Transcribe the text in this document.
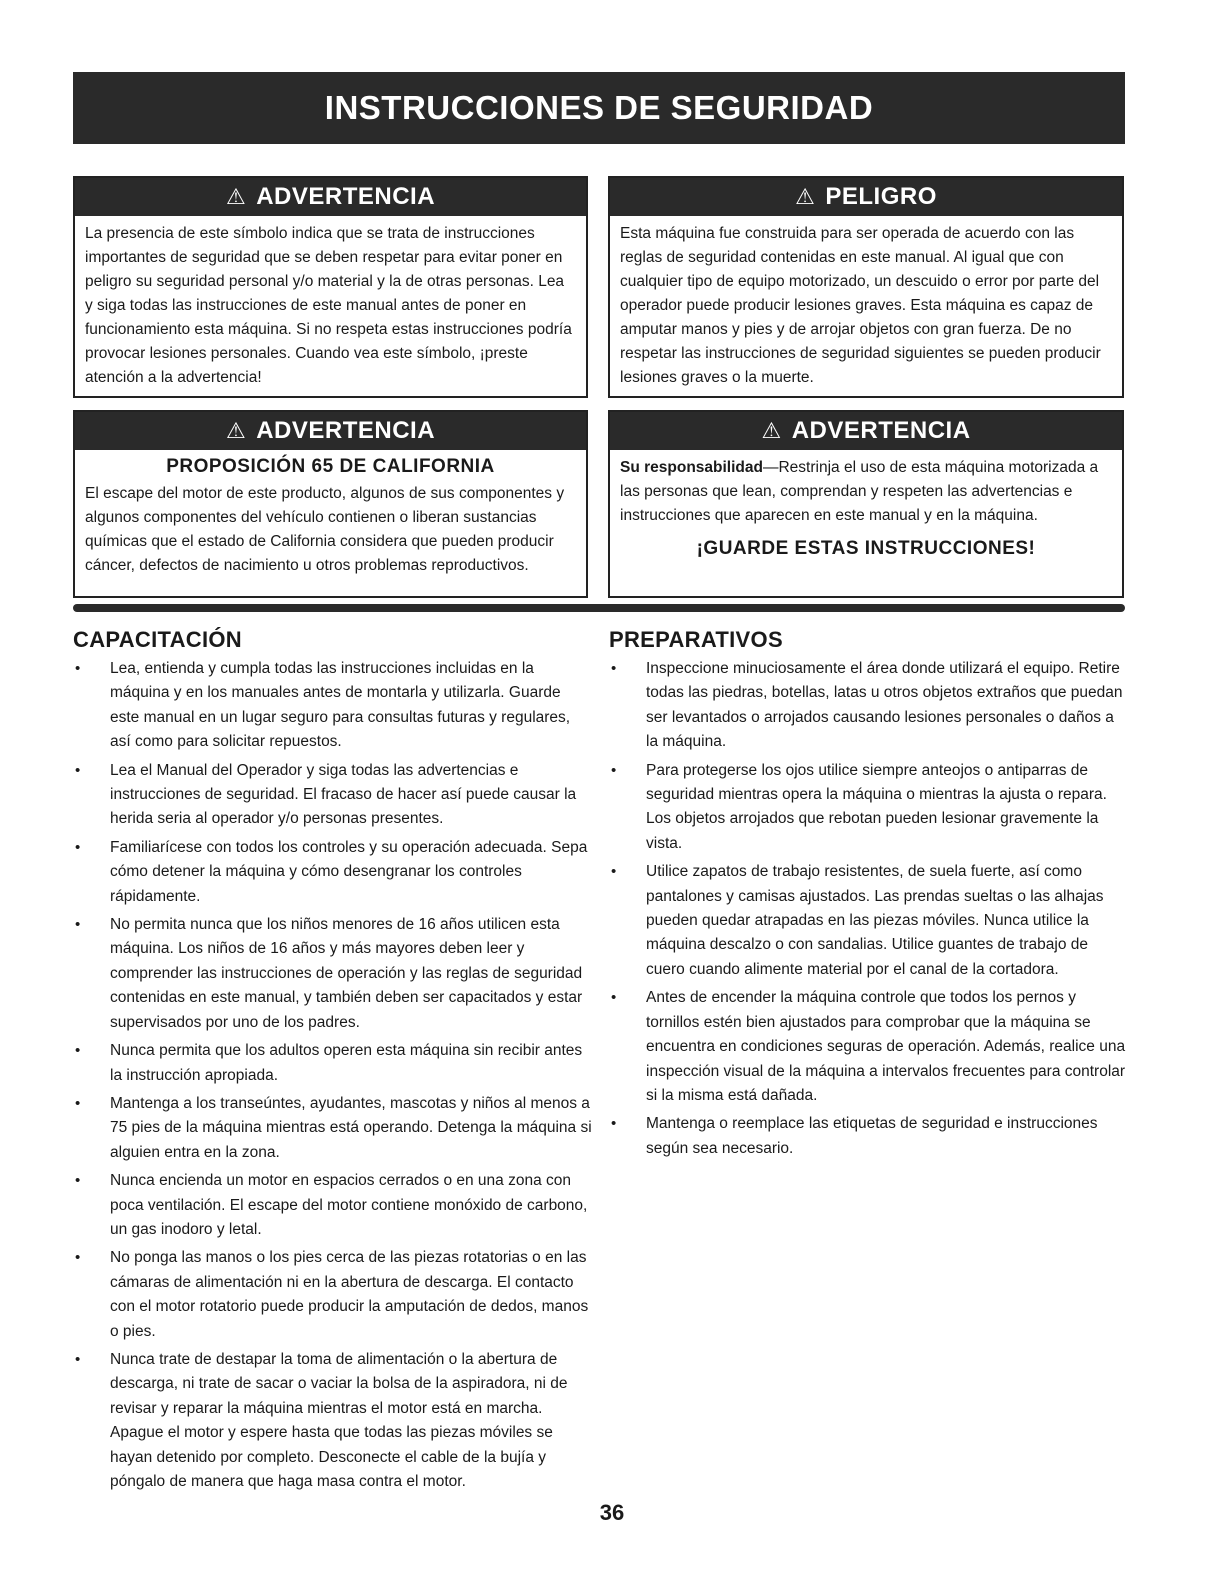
INSTRUCCIONES DE SEGURIDAD
⚠ ADVERTENCIA
La presencia de este símbolo indica que se trata de instrucciones importantes de seguridad que se deben respetar para evitar poner en peligro su seguridad personal y/o material y la de otras personas. Lea y siga todas las instrucciones de este manual antes de poner en funcionamiento esta máquina. Si no respeta estas instrucciones podría provocar lesiones personales. Cuando vea este símbolo, ¡preste atención a la advertencia!
⚠ PELIGRO
Esta máquina fue construida para ser operada de acuerdo con las reglas de seguridad contenidas en este manual. Al igual que con cualquier tipo de equipo motorizado, un descuido o error por parte del operador puede producir lesiones graves. Esta máquina es capaz de amputar manos y pies y de arrojar objetos con gran fuerza. De no respetar las instrucciones de seguridad siguientes se pueden producir lesiones graves o la muerte.
⚠ ADVERTENCIA
PROPOSICIÓN 65 DE CALIFORNIA
El escape del motor de este producto, algunos de sus componentes y algunos componentes del vehículo contienen o liberan sustancias químicas que el estado de California considera que pueden producir cáncer, defectos de nacimiento u otros problemas reproductivos.
⚠ ADVERTENCIA
Su responsabilidad—Restrinja el uso de esta máquina motorizada a las personas que lean, comprendan y respeten las advertencias e instrucciones que aparecen en este manual y en la máquina.
¡GUARDE ESTAS INSTRUCCIONES!
CAPACITACIÓN
• Lea, entienda y cumpla todas las instrucciones incluidas en la máquina y en los manuales antes de montarla y utilizarla. Guarde este manual en un lugar seguro para consultas futuras y regulares, así como para solicitar repuestos.
• Lea el Manual del Operador y siga todas las advertencias e instrucciones de seguridad. El fracaso de hacer así puede causar la herida seria al operador y/o personas presentes.
• Familiarícese con todos los controles y su operación adecuada. Sepa cómo detener la máquina y cómo desengranar los controles rápidamente.
• No permita nunca que los niños menores de 16 años utilicen esta máquina. Los niños de 16 años y más mayores deben leer y comprender las instrucciones de operación y las reglas de seguridad contenidas en este manual, y también deben ser capacitados y estar supervisados por uno de los padres.
• Nunca permita que los adultos operen esta máquina sin recibir antes la instrucción apropiada.
• Mantenga a los transeúntes, ayudantes, mascotas y niños al menos a 75 pies de la máquina mientras está operando. Detenga la máquina si alguien entra en la zona.
• Nunca encienda un motor en espacios cerrados o en una zona con poca ventilación. El escape del motor contiene monóxido de carbono, un gas inodoro y letal.
• No ponga las manos o los pies cerca de las piezas rotatorias o en las cámaras de alimentación ni en la abertura de descarga. El contacto con el motor rotatorio puede producir la amputación de dedos, manos o pies.
• Nunca trate de destapar la toma de alimentación o la abertura de descarga, ni trate de sacar o vaciar la bolsa de la aspiradora, ni de revisar y reparar la máquina mientras el motor está en marcha. Apague el motor y espere hasta que todas las piezas móviles se hayan detenido por completo. Desconecte el cable de la bujía y póngalo de manera que haga masa contra el motor.
PREPARATIVOS
• Inspeccione minuciosamente el área donde utilizará el equipo. Retire todas las piedras, botellas, latas u otros objetos extraños que puedan ser levantados o arrojados causando lesiones personales o daños a la máquina.
• Para protegerse los ojos utilice siempre anteojos o antiparras de seguridad mientras opera la máquina o mientras la ajusta o repara. Los objetos arrojados que rebotan pueden lesionar gravemente la vista.
• Utilice zapatos de trabajo resistentes, de suela fuerte, así como pantalones y camisas ajustados. Las prendas sueltas o las alhajas pueden quedar atrapadas en las piezas móviles. Nunca utilice la máquina descalzo o con sandalias. Utilice guantes de trabajo de cuero cuando alimente material por el canal de la cortadora.
• Antes de encender la máquina controle que todos los pernos y tornillos estén bien ajustados para comprobar que la máquina se encuentra en condiciones seguras de operación. Además, realice una inspección visual de la máquina a intervalos frecuentes para controlar si la misma está dañada.
• Mantenga o reemplace las etiquetas de seguridad e instrucciones según sea necesario.
36
